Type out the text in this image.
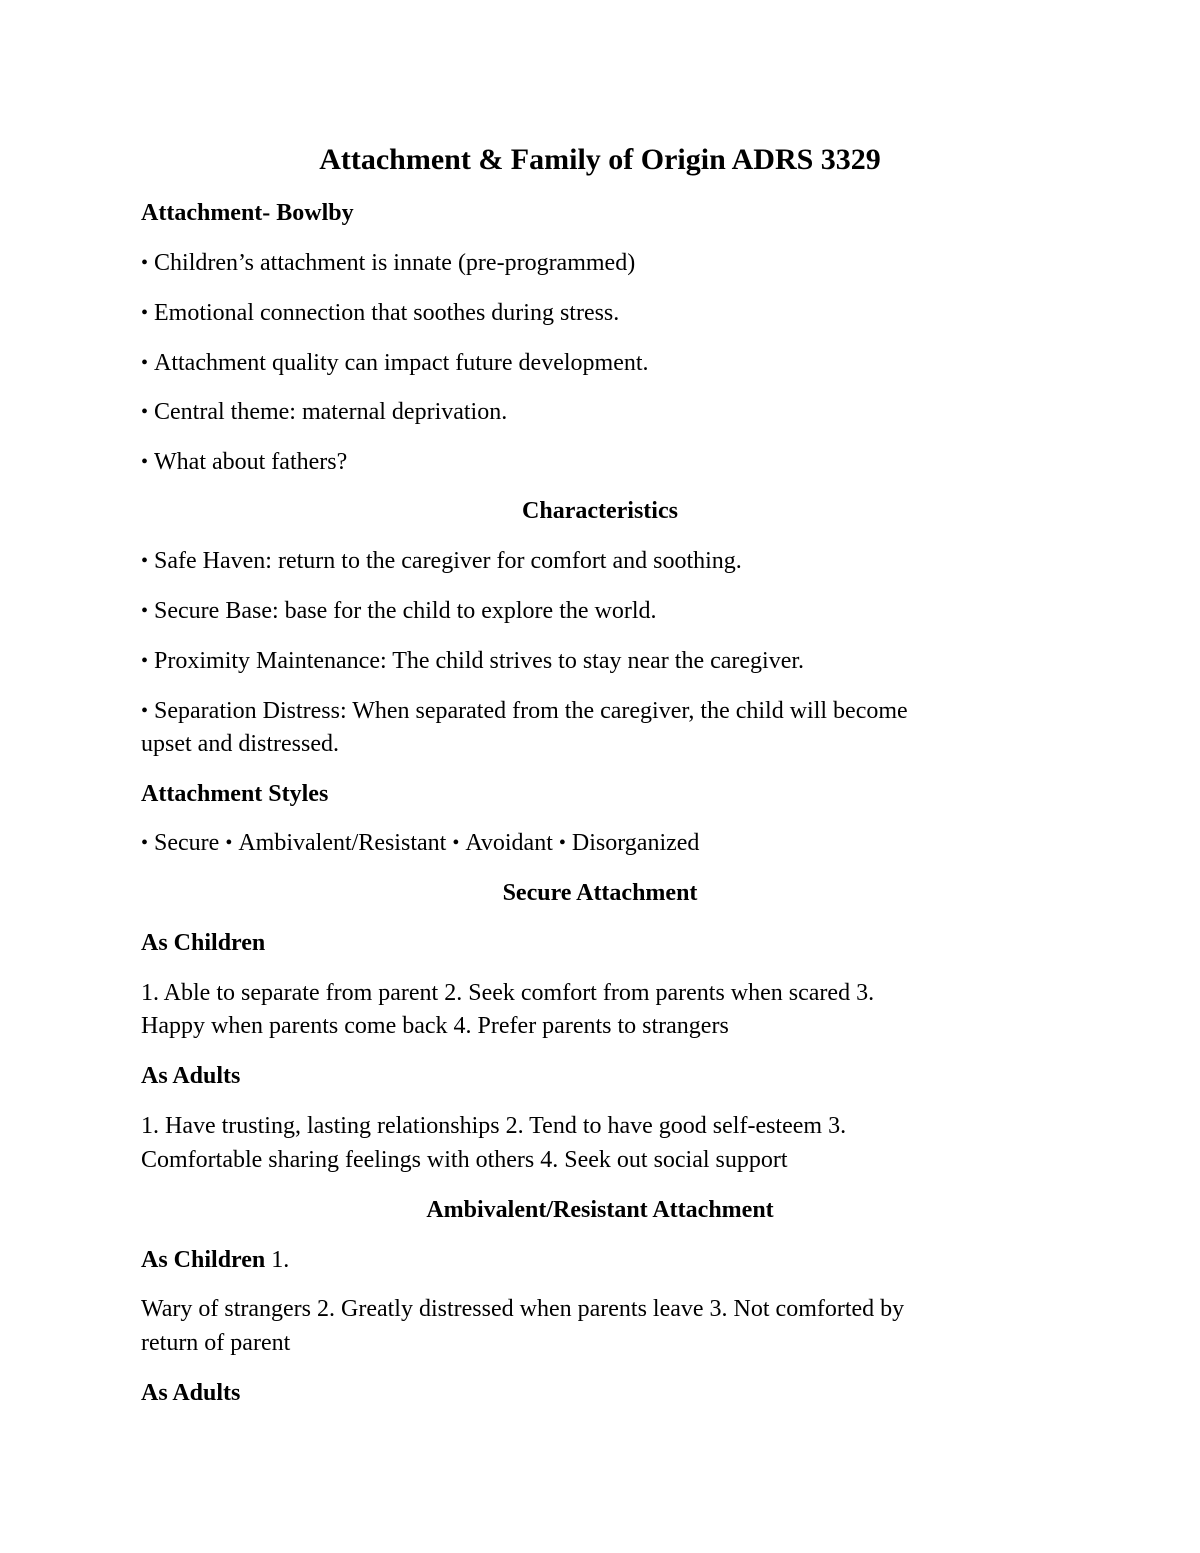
Attachment & Family of Origin ADRS 3329

Attachment- Bowlby

• Children’s attachment is innate (pre-programmed)

• Emotional connection that soothes during stress.

• Attachment quality can impact future development.

• Central theme: maternal deprivation.

• What about fathers?

Characteristics

• Safe Haven: return to the caregiver for comfort and soothing.

• Secure Base: base for the child to explore the world.

• Proximity Maintenance: The child strives to stay near the caregiver.

• Separation Distress: When separated from the caregiver, the child will become

upset and distressed.

Attachment Styles

• Secure • Ambivalent/Resistant • Avoidant • Disorganized

Secure Attachment

As Children

1. Able to separate from parent 2. Seek comfort from parents when scared 3.

Happy when parents come back 4. Prefer parents to strangers

As Adults

1. Have trusting, lasting relationships 2. Tend to have good self-esteem 3.

Comfortable sharing feelings with others 4. Seek out social support

Ambivalent/Resistant Attachment

As Children 1.

Wary of strangers 2. Greatly distressed when parents leave 3. Not comforted by

return of parent

As Adults
